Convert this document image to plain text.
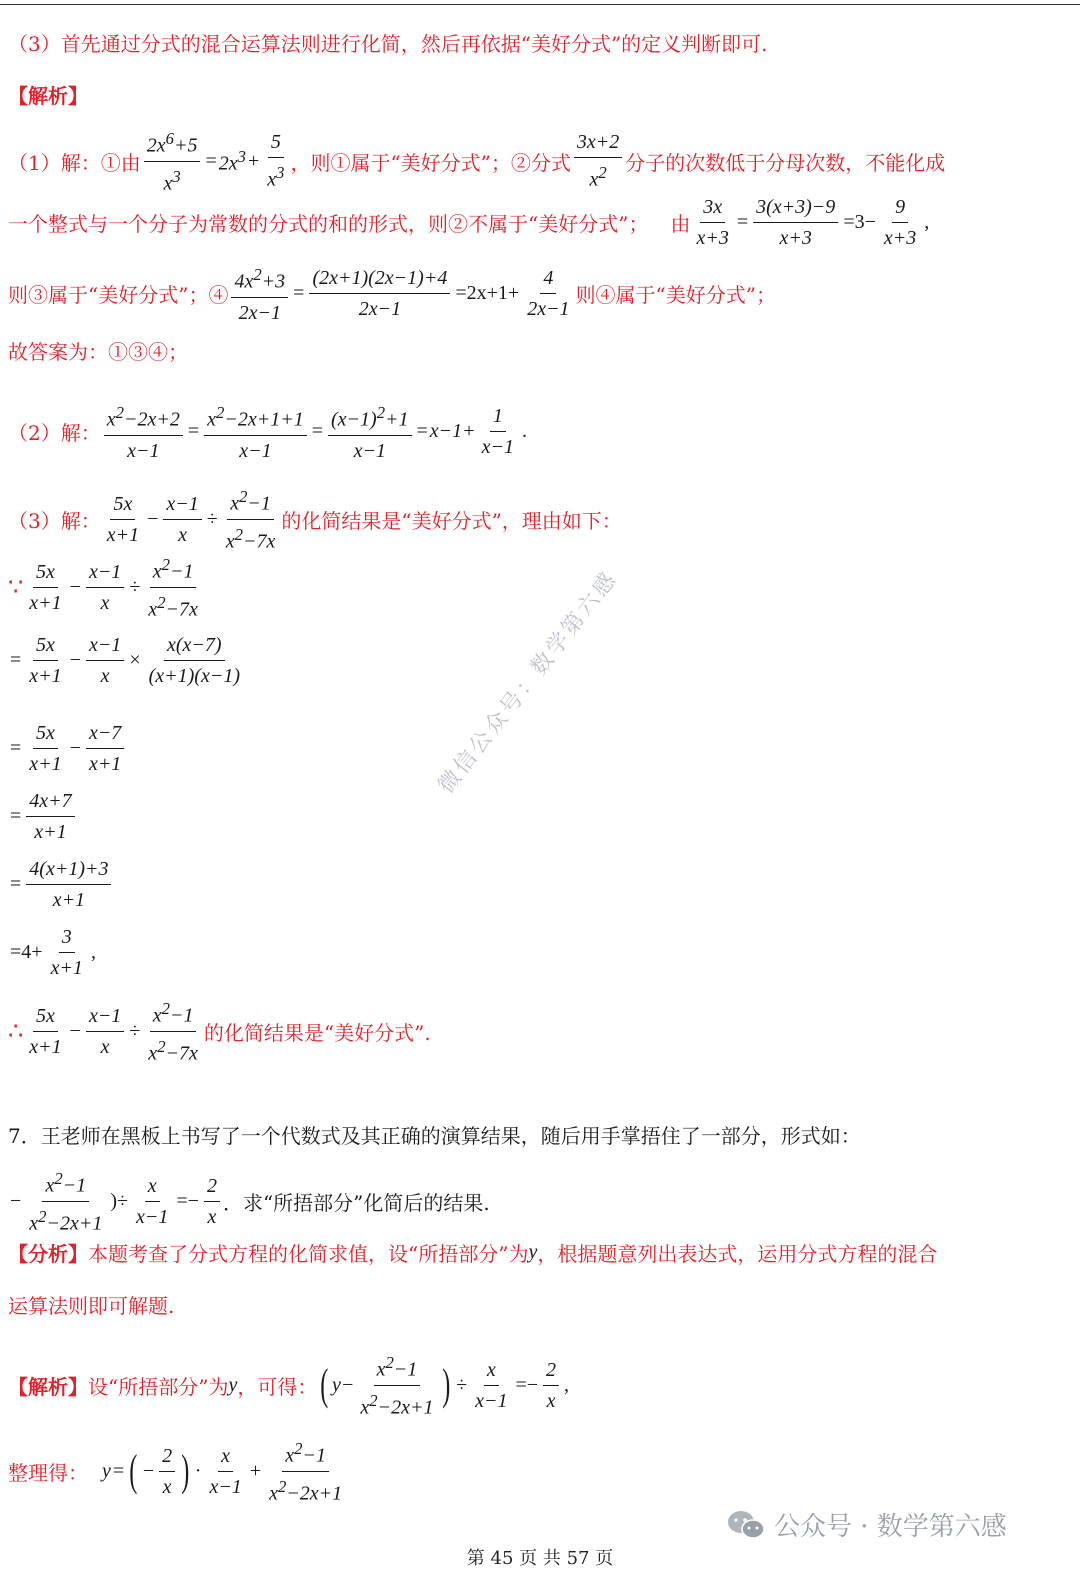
（3）首先通过分式的混合运算法则进行化简，然后再依据“美好分式”的定义判断即可.
【解析】
（1）解：①由 $\frac{2x^6+5}{x^3} = 2x^3 + \frac{5}{x^3}$ ，则①属于“美好分式”；②分式 $\frac{3x+2}{x^2}$ 分子的次数低于分母次数，不能化成
一个整式与一个分子为常数的分式的和的形式，则②不属于“美好分式”； 由 $\frac{3x}{x+3} = \frac{3(x+3)-9}{x+3} =3- \frac{9}{x+3}$ ,
则③属于“美好分式”；④ $\frac{4x^2+3}{2x-1} = \frac{(2x+1)(2x-1)+4}{2x-1} =2x+1+ \frac{4}{2x-1}$ 则④属于“美好分式”；
故答案为：①③④；
（2）解： $\frac{x^2-2x+2}{x-1} = \frac{x^2-2x+1+1}{x-1} = \frac{(x-1)^2+1}{x-1} = x-1+ \frac{1}{x-1}$ .
（3）解： $\frac{5x}{x+1} - \frac{x-1}{x} \div \frac{x^2-1}{x^2-7x}$ 的化简结果是“美好分式”，理由如下：
∵ $\frac{5x}{x+1} - \frac{x-1}{x} \div \frac{x^2-1}{x^2-7x}$
= $\frac{5x}{x+1} - \frac{x-1}{x} \times \frac{x(x-7)}{(x+1)(x-1)}$
= $\frac{5x}{x+1} - \frac{x-7}{x+1}$
= $\frac{4x+7}{x+1}$
= $\frac{4(x+1)+3}{x+1}$
$=4+ \frac{3}{x+1}$ ,
∴ $\frac{5x}{x+1} - \frac{x-1}{x} \div \frac{x^2-1}{x^2-7x}$ 的化简结果是“美好分式”.
7．王老师在黑板上书写了一个代数式及其正确的演算结果，随后用手掌捂住了一部分，形式如：
− $\frac{x^2-1}{x^2-2x+1}$ )÷ $\frac{x}{x-1} =- \frac{2}{x}$ ．求“所捂部分”化简后的结果.
【分析】 本题考查了分式方程的化简求值，设“所捂部分”为 y ，根据题意列出表达式，运用分式方程的混合
运算法则即可解题.
【解析】 设“所捂部分”为 y ，可得： ( $y- \frac{x^2-1}{x^2-2x+1}$ ) ÷ $\frac{x}{x-1} =- \frac{2}{x}$ ,
整理得： y = ( − $\frac{2}{x}$ ) · $\frac{x}{x-1} + \frac{x^2-1}{x^2-2x+1}$
微信公众号：数学第六感
公众号 · 数学第六感
第 45 页 共 57 页
